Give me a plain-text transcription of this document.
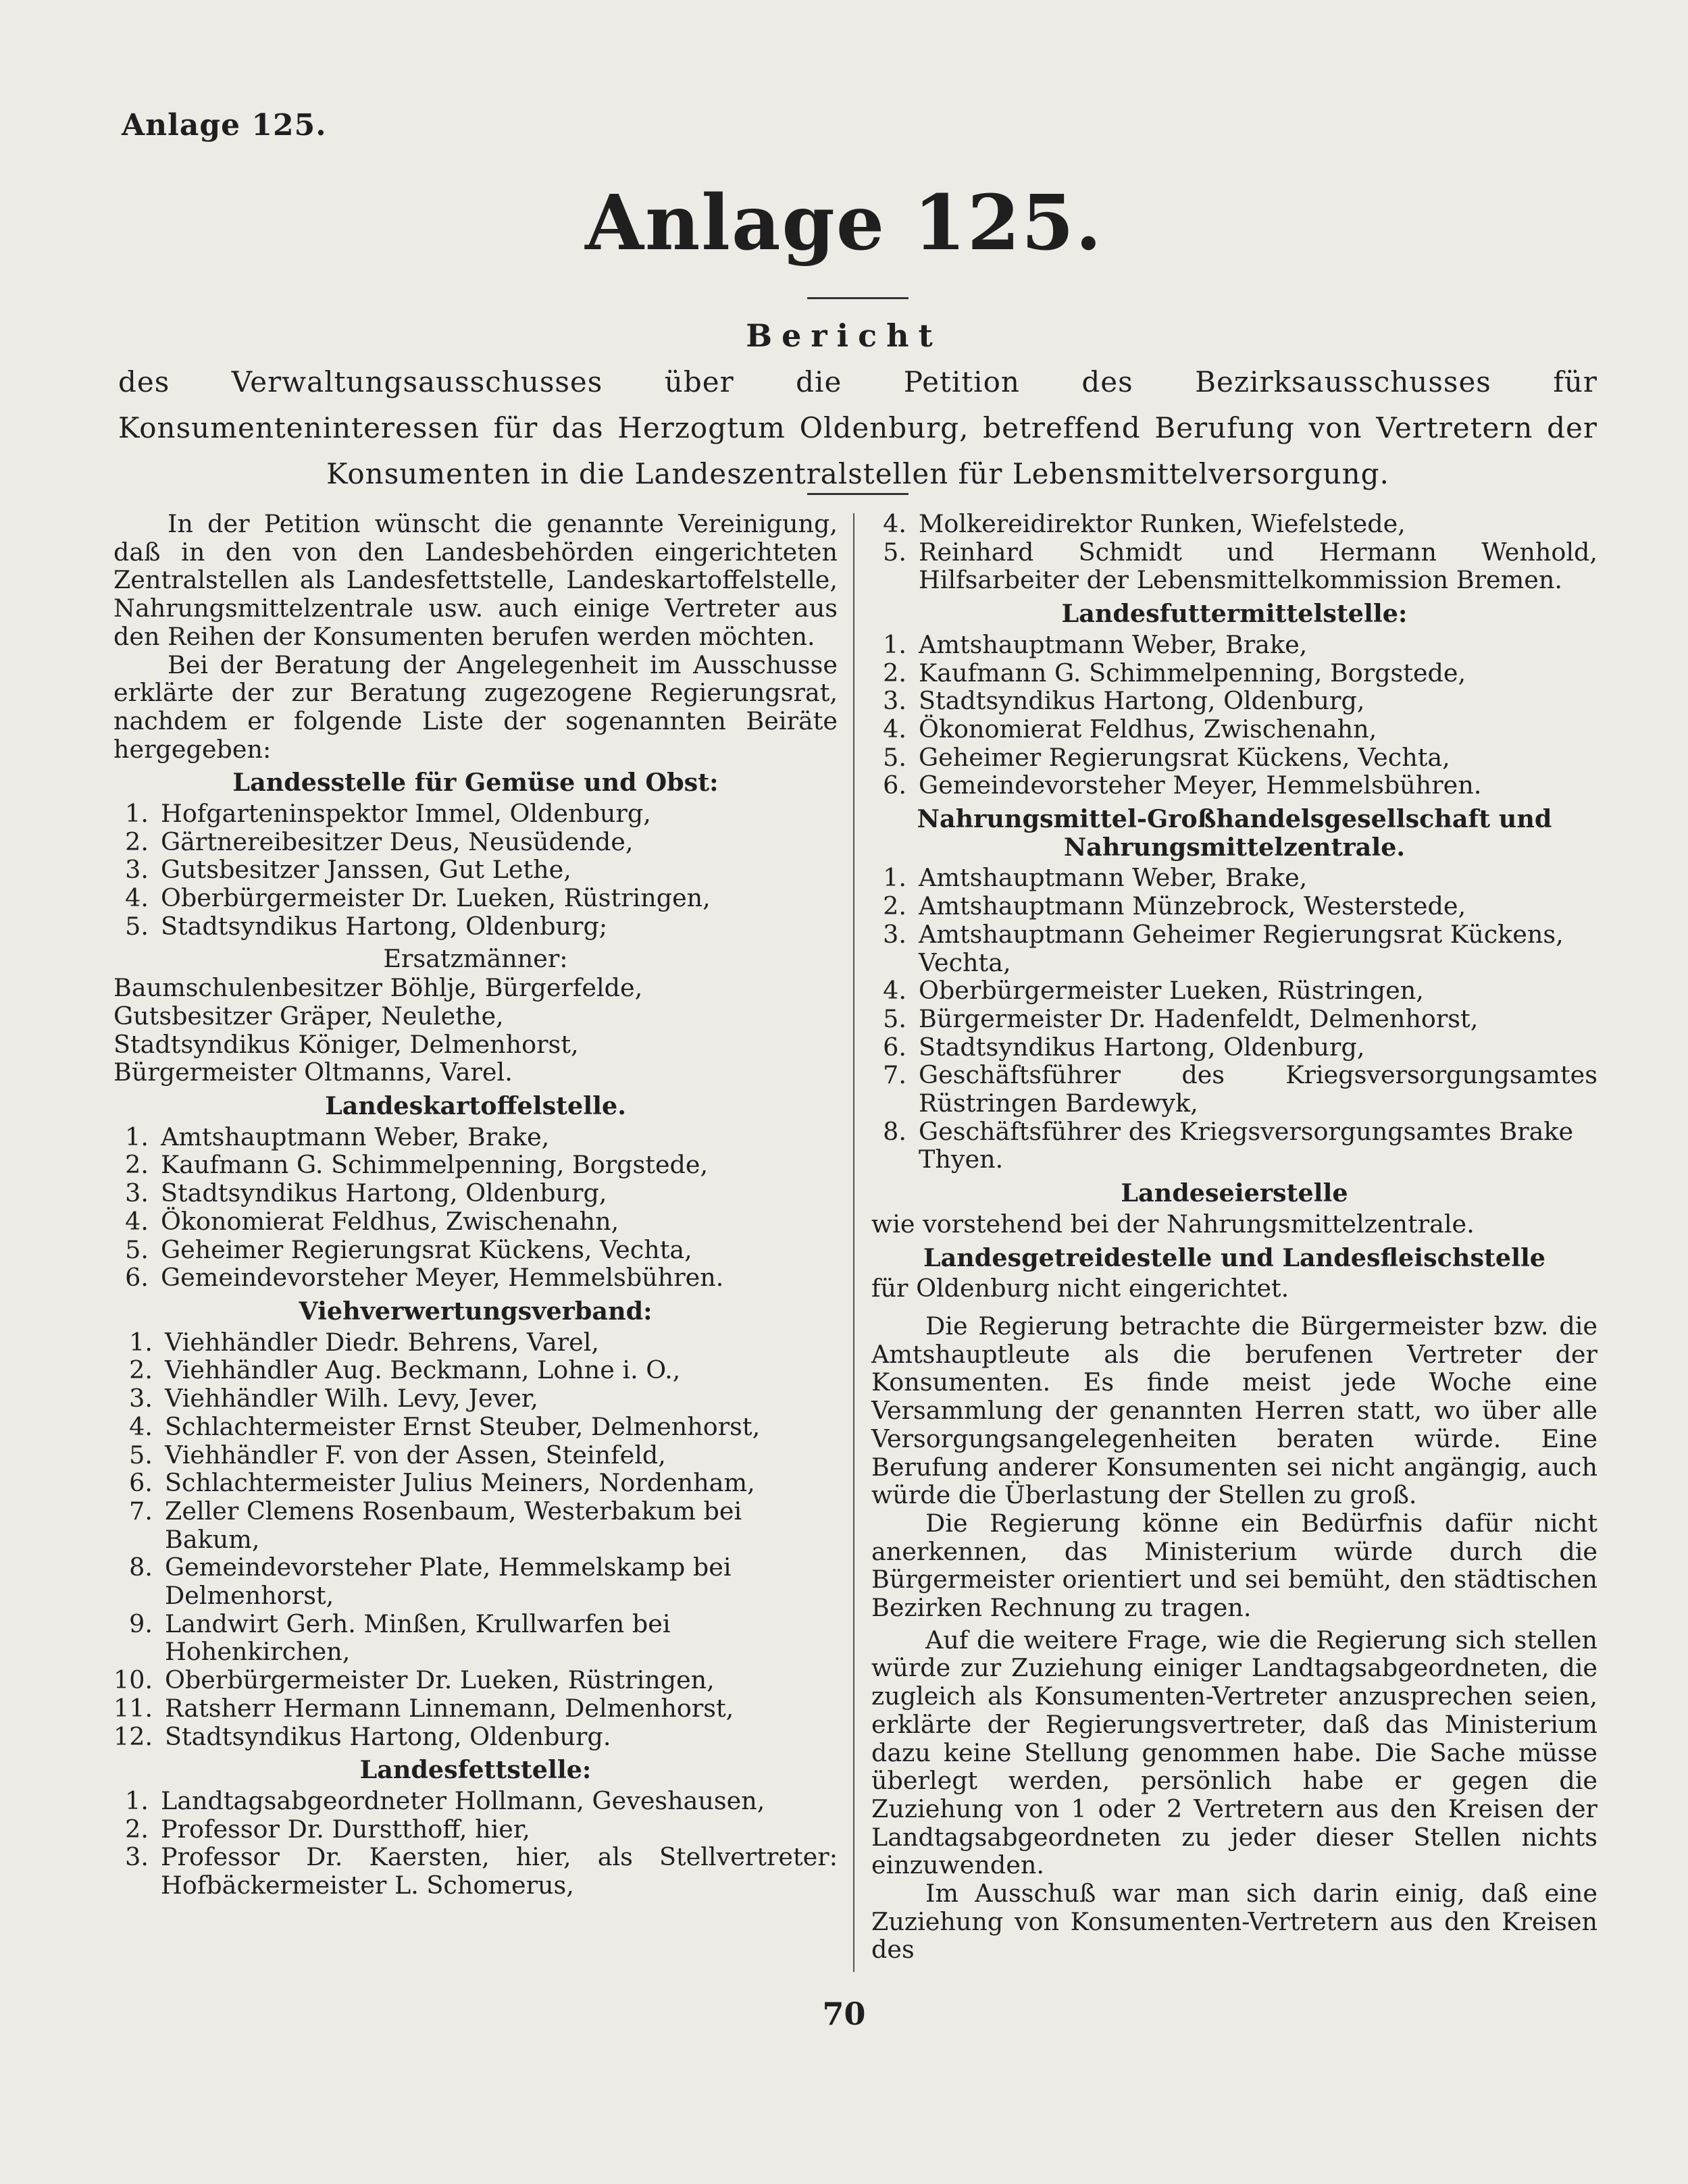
Anlage 125.
Anlage 125.
Bericht
des Verwaltungsausschusses über die Petition des Bezirksausschusses für Konsumenteninteressen für das Herzogtum Oldenburg, betreffend Berufung von Vertretern der Konsumenten in die Landeszentralstellen für Lebensmittelversorgung.

In der Petition wünscht die genannte Vereinigung, daß in den von den Landesbehörden eingerichteten Zentralstellen als Landesfettstelle, Landeskartoffelstelle, Nahrungsmittelzentrale usw. auch einige Vertreter aus den Reihen der Konsumenten berufen werden möchten.

Bei der Beratung der Angelegenheit im Ausschusse erklärte der zur Beratung zugezogene Regierungsrat, nachdem er folgende Liste der sogenannten Beiräte hergegeben:

Landesstelle für Gemüse und Obst:
1. Hofgarteninspektor Immel, Oldenburg,
2. Gärtnereibesitzer Deus, Neusüdende,
3. Gutsbesitzer Janssen, Gut Lethe,
4. Oberbürgermeister Dr. Lueken, Rüstringen,
5. Stadtsyndikus Hartong, Oldenburg;
Ersatzmänner:

Baumschulenbesitzer Böhlje, Bürgerfelde,

Gutsbesitzer Gräper, Neulethe,

Stadtsyndikus Königer, Delmenhorst,

Bürgermeister Oltmanns, Varel.

Landeskartoffelstelle.
1. Amtshauptmann Weber, Brake,
2. Kaufmann G. Schimmelpenning, Borgstede,
3. Stadtsyndikus Hartong, Oldenburg,
4. Ökonomierat Feldhus, Zwischenahn,
5. Geheimer Regierungsrat Kückens, Vechta,
6. Gemeindevorsteher Meyer, Hemmelsbühren.
Viehverwertungsverband:
1. Viehhändler Diedr. Behrens, Varel,
2. Viehhändler Aug. Beckmann, Lohne i. O.,
3. Viehhändler Wilh. Levy, Jever,
4. Schlachtermeister Ernst Steuber, Delmenhorst,
5. Viehhändler F. von der Assen, Steinfeld,
6. Schlachtermeister Julius Meiners, Nordenham,
7. Zeller Clemens Rosenbaum, Westerbakum bei Bakum,
8. Gemeindevorsteher Plate, Hemmelskamp bei Delmenhorst,
9. Landwirt Gerh. Minßen, Krullwarfen bei Hohenkirchen,
10. Oberbürgermeister Dr. Lueken, Rüstringen,
11. Ratsherr Hermann Linnemann, Delmenhorst,
12. Stadtsyndikus Hartong, Oldenburg.
Landesfettstelle:
1. Landtagsabgeordneter Hollmann, Geveshausen,
2. Professor Dr. Durstthoff, hier,
3. Professor Dr. Kaersten, hier, als Stellvertreter: Hofbäckermeister L. Schomerus,
4. Molkereidirektor Runken, Wiefelstede,
5. Reinhard Schmidt und Hermann Wenhold, Hilfsarbeiter der Lebensmittelkommission Bremen.
Landesfuttermittelstelle:
1. Amtshauptmann Weber, Brake,
2. Kaufmann G. Schimmelpenning, Borgstede,
3. Stadtsyndikus Hartong, Oldenburg,
4. Ökonomierat Feldhus, Zwischenahn,
5. Geheimer Regierungsrat Kückens, Vechta,
6. Gemeindevorsteher Meyer, Hemmelsbühren.
Nahrungsmittel-Großhandelsgesellschaft und Nahrungsmittelzentrale.
1. Amtshauptmann Weber, Brake,
2. Amtshauptmann Münzebrock, Westerstede,
3. Amtshauptmann Geheimer Regierungsrat Kückens, Vechta,
4. Oberbürgermeister Lueken, Rüstringen,
5. Bürgermeister Dr. Hadenfeldt, Delmenhorst,
6. Stadtsyndikus Hartong, Oldenburg,
7. Geschäftsführer des Kriegsversorgungsamtes Rüstringen Bardewyk,
8. Geschäftsführer des Kriegsversorgungsamtes Brake Thyen.
Landeseierstelle

wie vorstehend bei der Nahrungsmittelzentrale.

Landesgetreidestelle und Landesfleischstelle

für Oldenburg nicht eingerichtet.

Die Regierung betrachte die Bürgermeister bzw. die Amtshauptleute als die berufenen Vertreter der Konsumenten. Es finde meist jede Woche eine Versammlung der genannten Herren statt, wo über alle Versorgungsangelegenheiten beraten würde. Eine Berufung anderer Konsumenten sei nicht angängig, auch würde die Überlastung der Stellen zu groß.

Die Regierung könne ein Bedürfnis dafür nicht anerkennen, das Ministerium würde durch die Bürgermeister orientiert und sei bemüht, den städtischen Bezirken Rechnung zu tragen.

Auf die weitere Frage, wie die Regierung sich stellen würde zur Zuziehung einiger Landtagsabgeordneten, die zugleich als Konsumenten-Vertreter anzusprechen seien, erklärte der Regierungsvertreter, daß das Ministerium dazu keine Stellung genommen habe. Die Sache müsse überlegt werden, persönlich habe er gegen die Zuziehung von 1 oder 2 Vertretern aus den Kreisen der Landtagsabgeordneten zu jeder dieser Stellen nichts einzuwenden.

Im Ausschuß war man sich darin einig, daß eine Zuziehung von Konsumenten-Vertretern aus den Kreisen des

70
